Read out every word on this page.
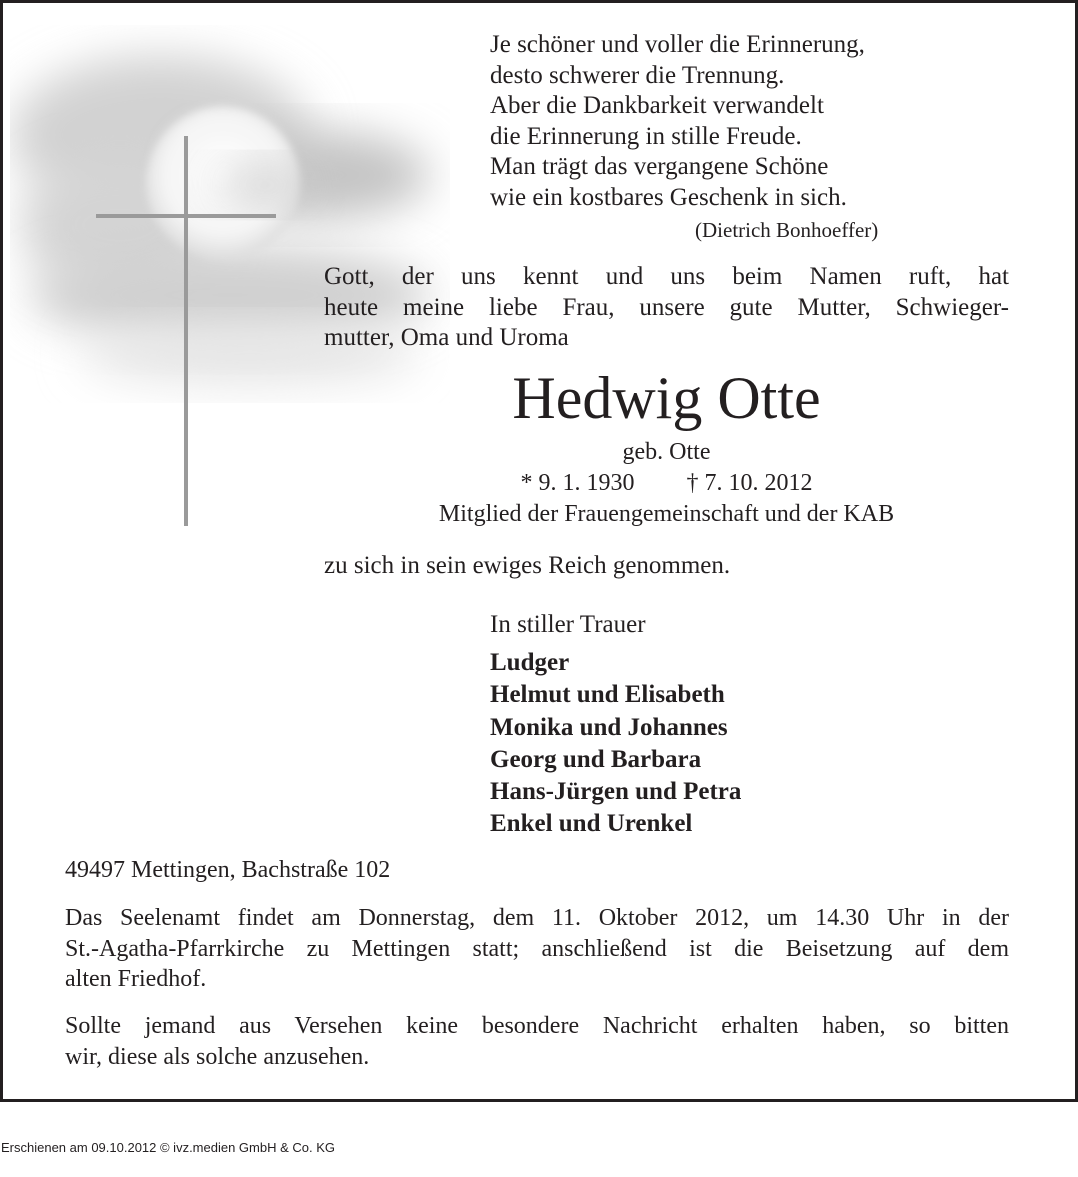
Je schöner und voller die Erinnerung,
desto schwerer die Trennung.
Aber die Dankbarkeit verwandelt
die Erinnerung in stille Freude.
Man trägt das vergangene Schöne
wie ein kostbares Geschenk in sich.
(Dietrich Bonhoeffer)
Gott, der uns kennt und uns beim Namen ruft, hat
heute meine liebe Frau, unsere gute Mutter, Schwieger-
mutter, Oma und Uroma
Hedwig Otte
geb. Otte
* 9. 1. 1930 † 7. 10. 2012
Mitglied der Frauengemeinschaft und der KAB
zu sich in sein ewiges Reich genommen.
In stiller Trauer
Ludger
Helmut und Elisabeth
Monika und Johannes
Georg und Barbara
Hans-Jürgen und Petra
Enkel und Urenkel
49497 Mettingen, Bachstraße 102
Das Seelenamt findet am Donnerstag, dem 11. Oktober 2012, um 14.30 Uhr in der
St.-Agatha-Pfarrkirche zu Mettingen statt; anschließend ist die Beisetzung auf dem
alten Friedhof.
Sollte jemand aus Versehen keine besondere Nachricht erhalten haben, so bitten
wir, diese als solche anzusehen.
Erschienen am 09.10.2012 © ivz.medien GmbH & Co. KG
